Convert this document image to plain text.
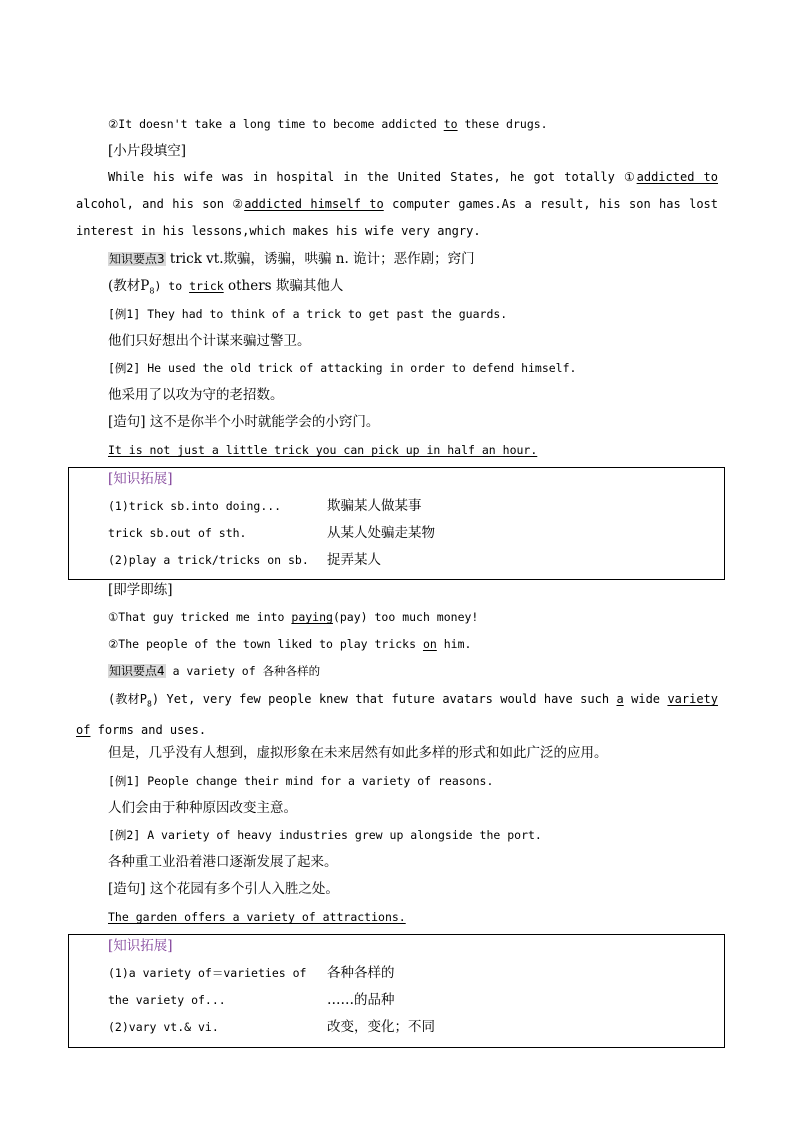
②It doesn't take a long time to become addicted to these drugs.
[小片段填空]
While his wife was in hospital in the United States, he got totally ①addicted to alcohol, and his son ②addicted himself to computer games.As a result, his son has lost interest in his lessons,which makes his wife very angry.
知识要点3 trick vt.欺骗，诱骗，哄骗 n. 诡计；恶作剧；窍门
(教材$P_8$) to trick others 欺骗其他人
[例1] They had to think of a trick to get past the guards.
他们只好想出个计谋来骗过警卫。
[例2] He used the old trick of attacking in order to defend himself.
他采用了以攻为守的老招数。
[造句] 这不是你半个小时就能学会的小窍门。
It is not just a little trick you can pick up in half an hour.
[知识拓展]
(1)trick sb.into doing...	欺骗某人做某事
trick sb.out of sth.	从某人处骗走某物
(2)play a trick/tricks on sb. 捉弄某人
[即学即练]
①That guy tricked me into paying(pay) too much money!
②The people of the town liked to play tricks on him.
知识要点4 a variety of 各种各样的
(教材$P_8$) Yet, very few people knew that future avatars would have such a wide variety of forms and uses.
但是，几乎没有人想到，虚拟形象在未来居然有如此多样的形式和如此广泛的应用。
[例1] People change their mind for a variety of reasons.
人们会由于种种原因改变主意。
[例2] A variety of heavy industries grew up alongside the port.
各种重工业沿着港口逐渐发展了起来。
[造句] 这个花园有多个引人入胜之处。
The garden offers a variety of attractions.
[知识拓展]
(1)a variety of＝varieties of 各种各样的
the variety of...	……的品种
(2)vary vt.& vi.	改变，变化；不同
